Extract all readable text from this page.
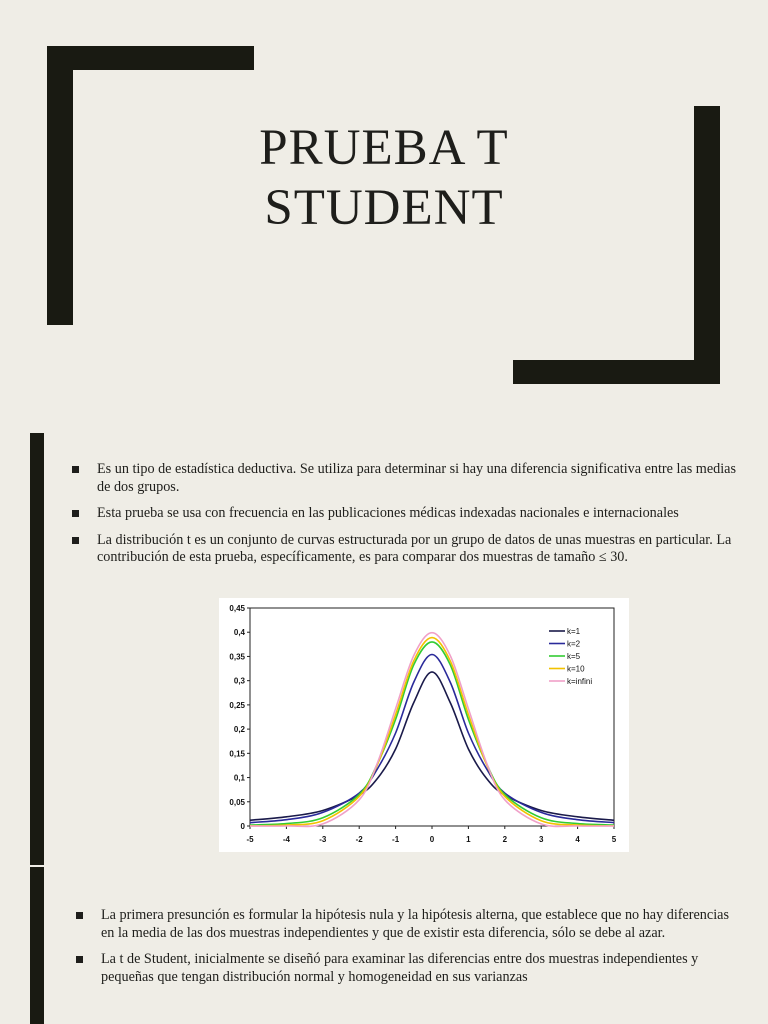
PRUEBA T
STUDENT
Es un tipo de estadística deductiva. Se utiliza para determinar si hay una diferencia significativa entre las medias de dos grupos.
Esta prueba se usa con frecuencia en las publicaciones médicas indexadas nacionales e internacionales
La distribución t es un conjunto de curvas estructurada por un grupo de datos de unas muestras en particular. La contribución de esta prueba, específicamente, es para comparar dos muestras de tamaño ≤ 30.
0
0,05
0,1
0,15
0,2
0,25
0,3
0,35
0,4
0,45
-5	-4	-3	-2	-1	0	1	2	3	4	5
k=1
k=2
k=5
k=10
k=infini
La primera presunción es formular la hipótesis nula y la hipótesis alterna, que establece que no hay diferencias en la media de las dos muestras independientes y que de existir esta diferencia, sólo se debe al azar.
La t de Student, inicialmente se diseñó para examinar las diferencias entre dos muestras independientes y pequeñas que tengan distribución normal y homogeneidad en sus varianzas
